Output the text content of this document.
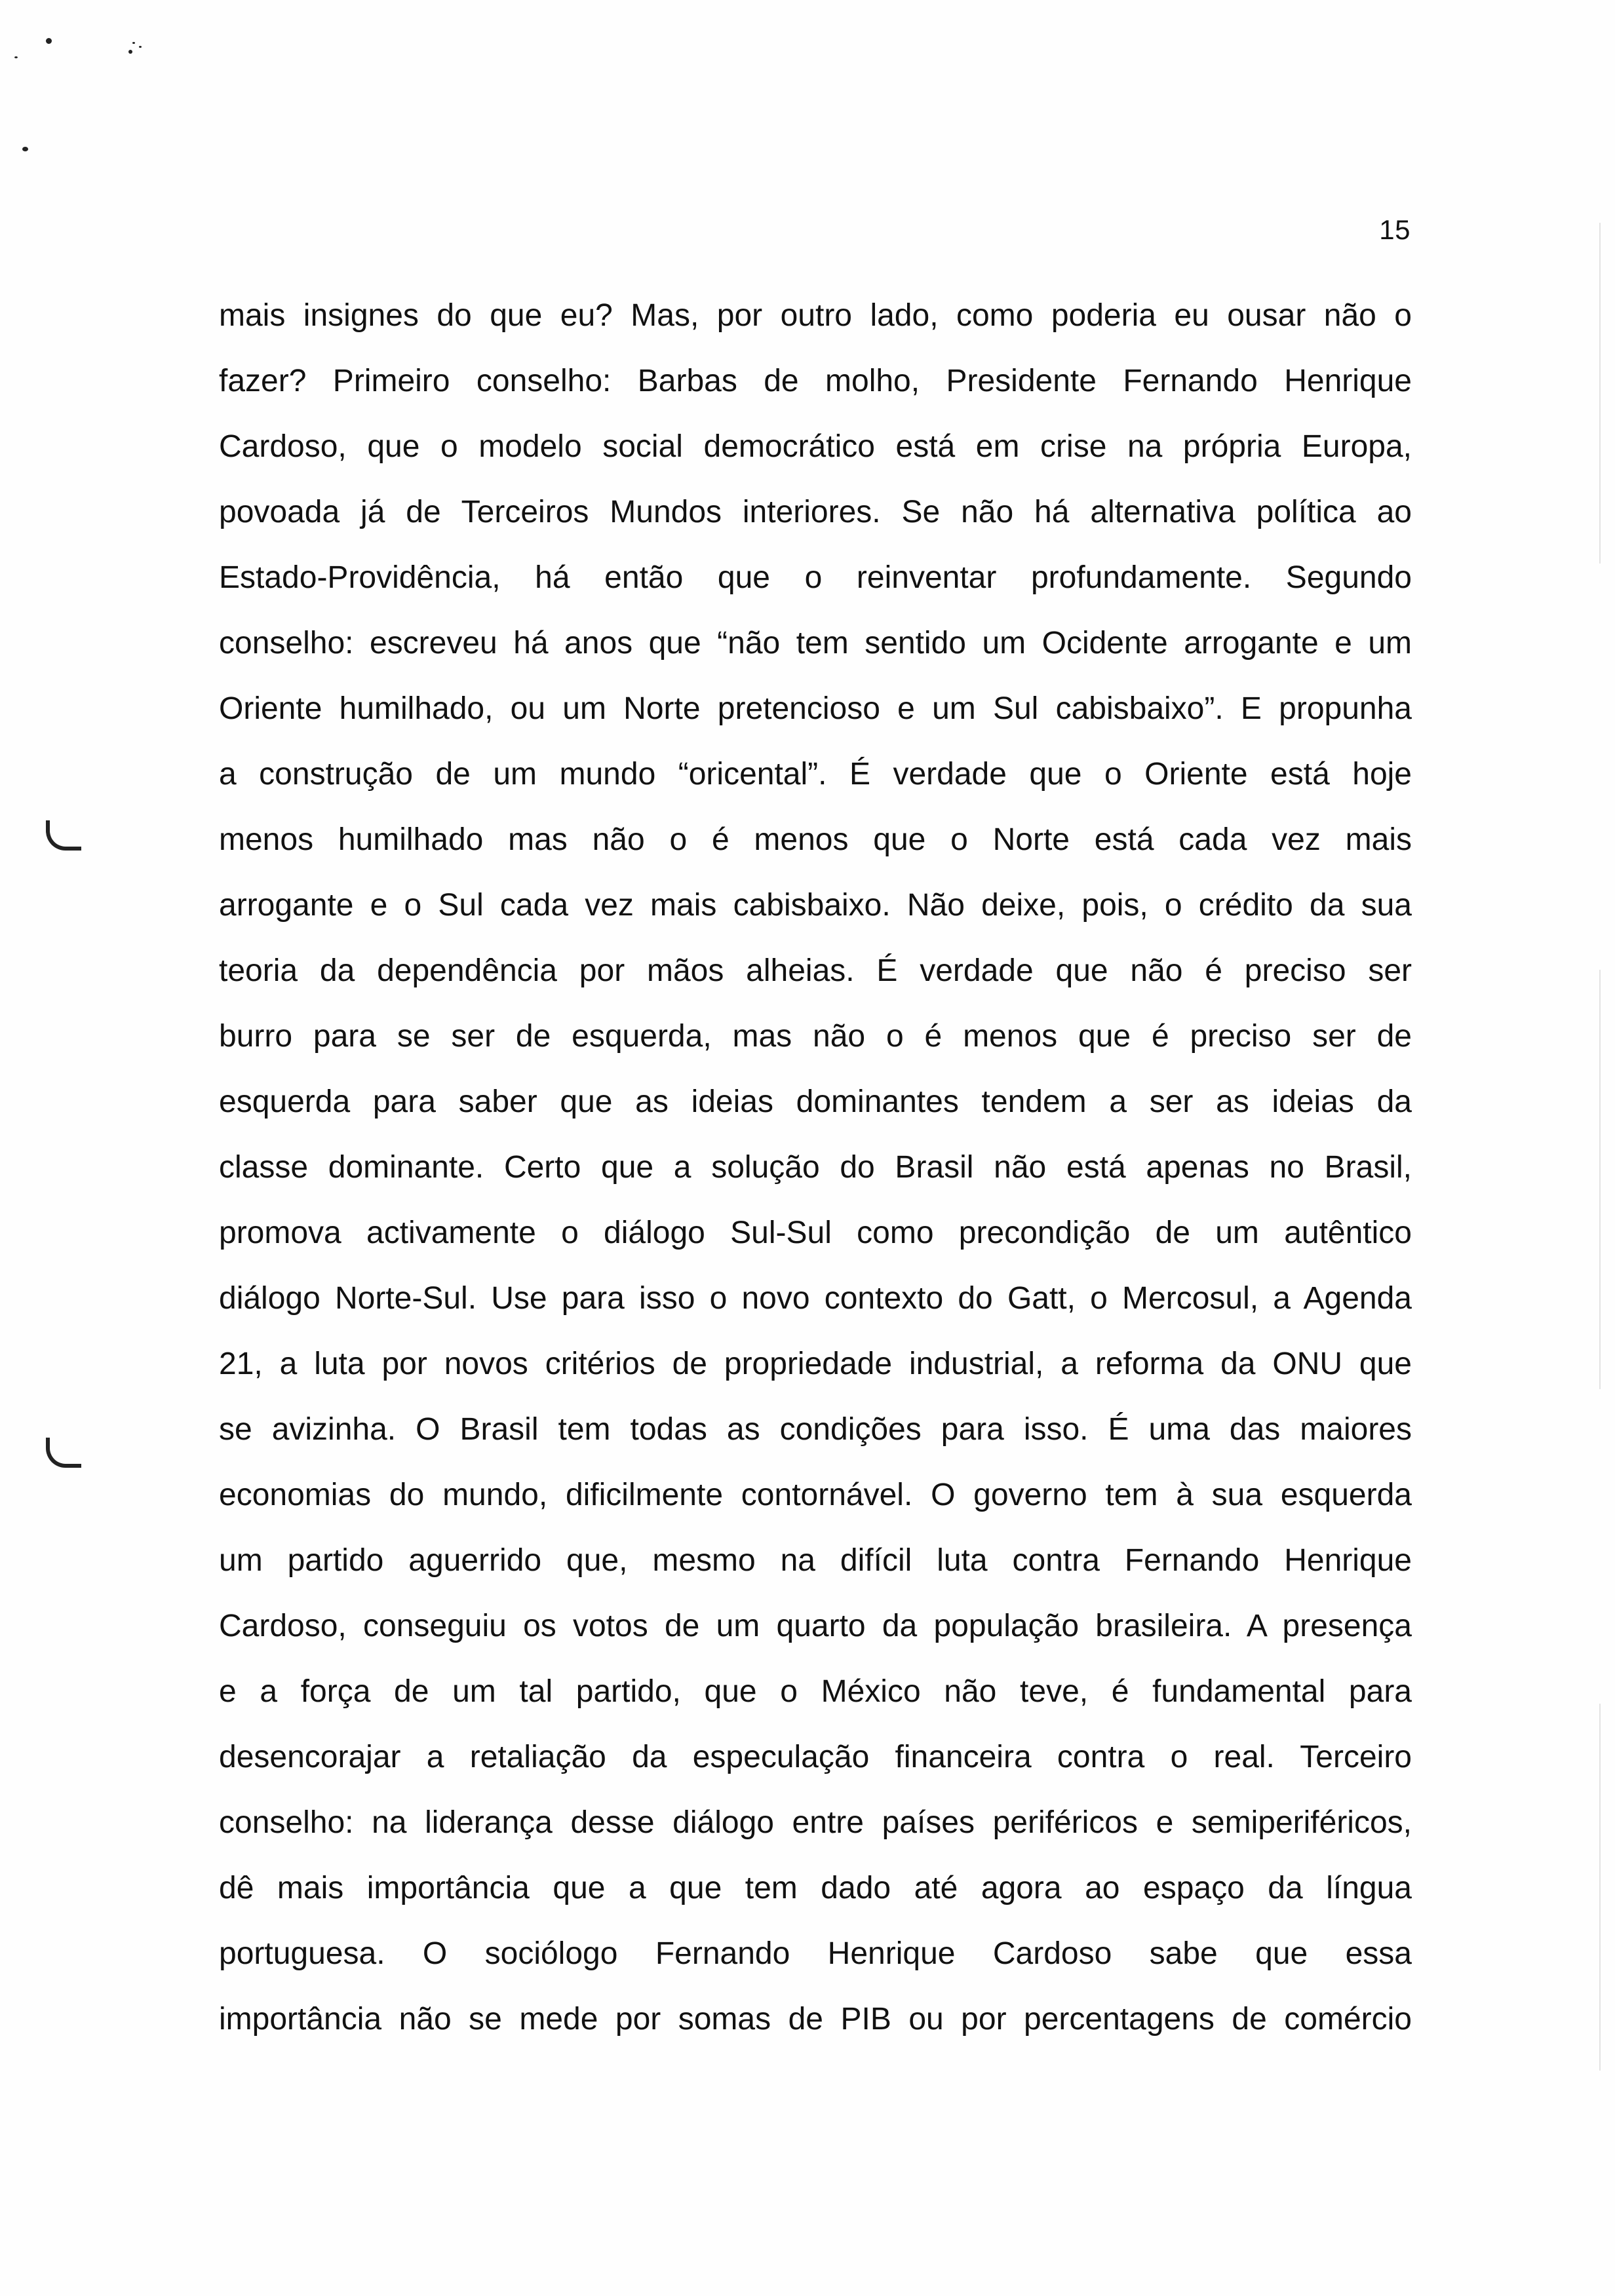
15
mais insignes do que eu? Mas, por outro lado, como poderia eu ousar não o
fazer? Primeiro conselho: Barbas de molho, Presidente Fernando Henrique
Cardoso, que o modelo social democrático está em crise na própria Europa,
povoada já de Terceiros Mundos interiores. Se não há alternativa política ao
Estado-Providência, há então que o reinventar profundamente. Segundo
conselho: escreveu há anos que “não tem sentido um Ocidente arrogante e um
Oriente humilhado, ou um Norte pretencioso e um Sul cabisbaixo”. E propunha
a construção de um mundo “oricental”. É verdade que o Oriente está hoje
menos humilhado mas não o é menos que o Norte está cada vez mais
arrogante e o Sul cada vez mais cabisbaixo. Não deixe, pois, o crédito da sua
teoria da dependência por mãos alheias. É verdade que não é preciso ser
burro para se ser de esquerda, mas não o é menos que é preciso ser de
esquerda para saber que as ideias dominantes tendem a ser as ideias da
classe dominante. Certo que a solução do Brasil não está apenas no Brasil,
promova activamente o diálogo Sul-Sul como precondição de um autêntico
diálogo Norte-Sul. Use para isso o novo contexto do Gatt, o Mercosul, a Agenda
21, a luta por novos critérios de propriedade industrial, a reforma da ONU que
se avizinha. O Brasil tem todas as condições para isso. É uma das maiores
economias do mundo, dificilmente contornável. O governo tem à sua esquerda
um partido aguerrido que, mesmo na difícil luta contra Fernando Henrique
Cardoso, conseguiu os votos de um quarto da população brasileira. A presença
e a força de um tal partido, que o México não teve, é fundamental para
desencorajar a retaliação da especulação financeira contra o real. Terceiro
conselho: na liderança desse diálogo entre países periféricos e semiperiféricos,
dê mais importância que a que tem dado até agora ao espaço da língua
portuguesa. O sociólogo Fernando Henrique Cardoso sabe que essa
importância não se mede por somas de PIB ou por percentagens de comércio
